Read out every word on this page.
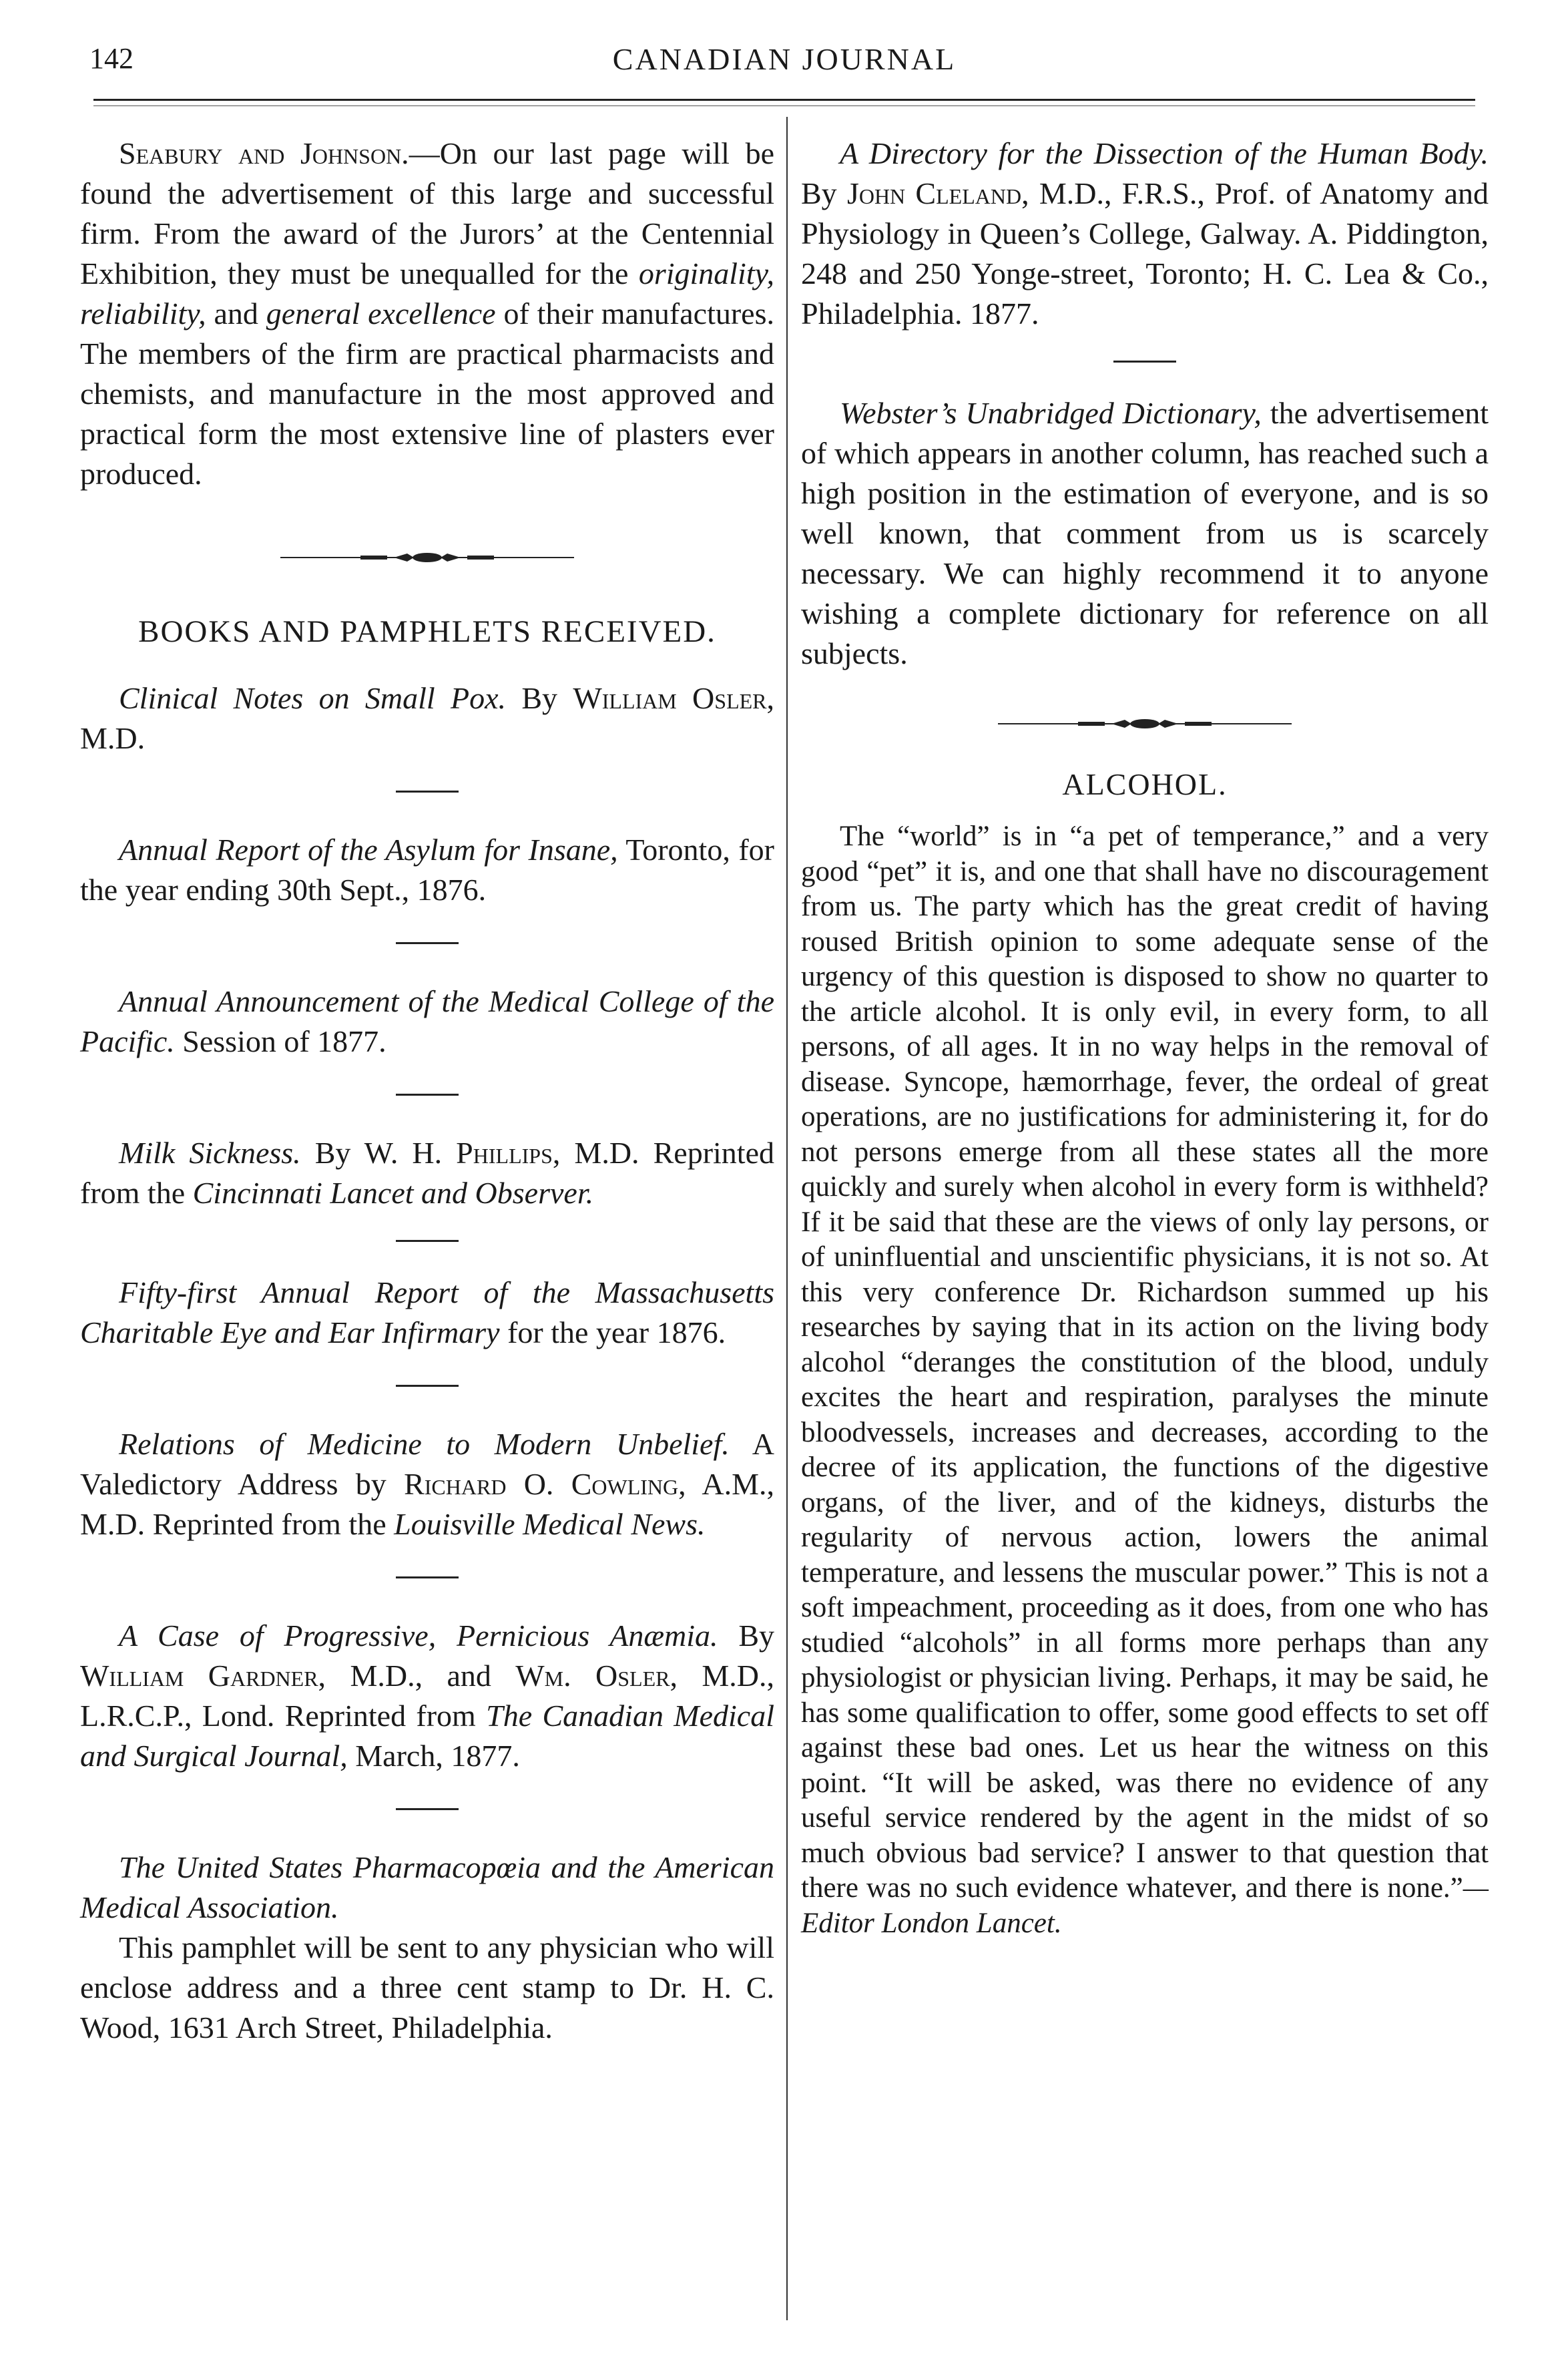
142	CANADIAN JOURNAL

Seabury and Johnson.—On our last page will be found the advertisement of this large and successful firm. From the award of the Jurors’ at the Centennial Exhibition, they must be unequalled for the originality, reliability, and general excellence of their manufactures. The members of the firm are practical pharmacists and chemists, and manufacture in the most approved and practical form the most extensive line of plasters ever produced.

BOOKS AND PAMPHLETS RECEIVED.

Clinical Notes on Small Pox. By William Osler, M.D.

Annual Report of the Asylum for Insane, Toronto, for the year ending 30th Sept., 1876.

Annual Announcement of the Medical College of the Pacific. Session of 1877.

Milk Sickness. By W. H. Phillips, M.D. Reprinted from the Cincinnati Lancet and Observer.

Fifty-first Annual Report of the Massachusetts Charitable Eye and Ear Infirmary for the year 1876.

Relations of Medicine to Modern Unbelief. A Valedictory Address by Richard O. Cowling, A.M., M.D. Reprinted from the Louisville Medical News.

A Case of Progressive, Pernicious Anæmia. By William Gardner, M.D., and Wm. Osler, M.D., L.R.C.P., Lond. Reprinted from The Canadian Medical and Surgical Journal, March, 1877.

The United States Pharmacopœia and the American Medical Association.

This pamphlet will be sent to any physician who will enclose address and a three cent stamp to Dr. H. C. Wood, 1631 Arch Street, Philadelphia.

A Directory for the Dissection of the Human Body. By John Cleland, M.D., F.R.S., Prof. of Anatomy and Physiology in Queen’s College, Galway. A. Piddington, 248 and 250 Yonge-street, Toronto; H. C. Lea & Co., Philadelphia. 1877.

Webster’s Unabridged Dictionary, the advertisement of which appears in another column, has reached such a high position in the estimation of everyone, and is so well known, that comment from us is scarcely necessary. We can highly recommend it to anyone wishing a complete dictionary for reference on all subjects.

ALCOHOL.

The “world” is in “a pet of temperance,” and a very good “pet” it is, and one that shall have no discouragement from us. The party which has the great credit of having roused British opinion to some adequate sense of the urgency of this question is disposed to show no quarter to the article alcohol. It is only evil, in every form, to all persons, of all ages. It in no way helps in the removal of disease. Syncope, hæmorrhage, fever, the ordeal of great operations, are no justifications for administering it, for do not persons emerge from all these states all the more quickly and surely when alcohol in every form is withheld? If it be said that these are the views of only lay persons, or of uninfluential and unscientific physicians, it is not so. At this very conference Dr. Richardson summed up his researches by saying that in its action on the living body alcohol “deranges the constitution of the blood, unduly excites the heart and respiration, paralyses the minute bloodvessels, increases and decreases, according to the decree of its application, the functions of the digestive organs, of the liver, and of the kidneys, disturbs the regularity of nervous action, lowers the animal temperature, and lessens the muscular power.” This is not a soft impeachment, proceeding as it does, from one who has studied “alcohols” in all forms more perhaps than any physiologist or physician living. Perhaps, it may be said, he has some qualification to offer, some good effects to set off against these bad ones. Let us hear the witness on this point. “It will be asked, was there no evidence of any useful service rendered by the agent in the midst of so much obvious bad service? I answer to that question that there was no such evidence whatever, and there is none.”—Editor London Lancet.
